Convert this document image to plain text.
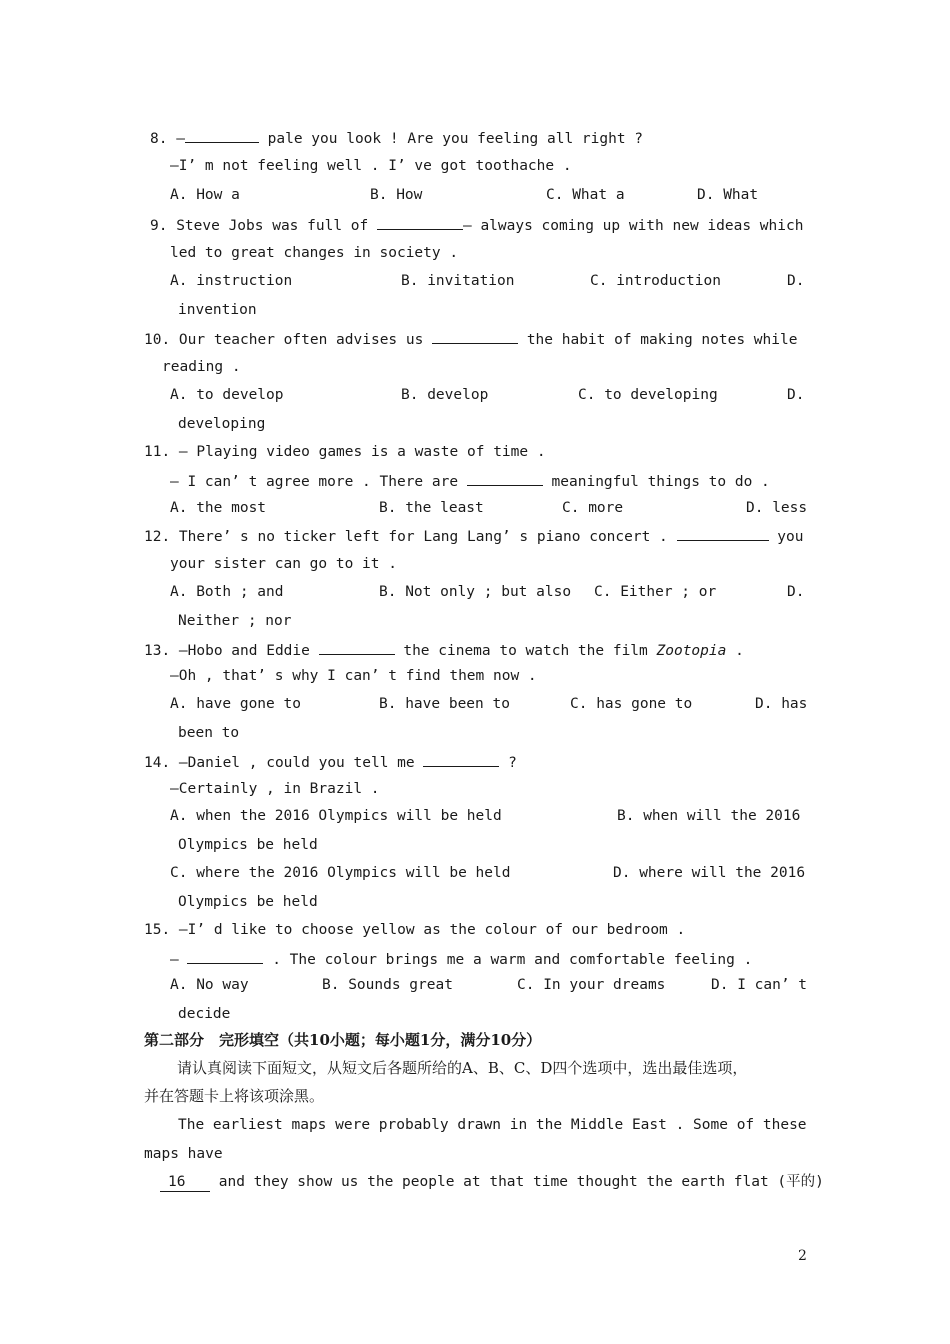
8. —	pale you look ! Are you feeling all right ?
—I’ m not feeling well . I’ ve got toothache .
A. How a	B. How	C. What a	D. What
9. Steve Jobs was full of	— always coming up with new ideas which
led to great changes in society .
A. instruction	B. invitation	C. introduction	D.
invention
10. Our teacher often advises us	the habit of making notes while
reading .
A. to develop	B. develop	C. to developing	D.
developing
11. — Playing video games is a waste of time .
— I can’ t agree more . There are	meaningful things to do .
A. the most	B. the least	C. more	D. less
12. There’ s no ticker left for Lang Lang’ s piano concert .	you
your sister can go to it .
A. Both ; and	B. Not only ; but also C. Either ; or	D.
Neither ; nor
13. —Hobo and Eddie	the cinema to watch the film Zootopia .
—Oh , that’ s why I can’ t find them now .
A. have gone to	B. have been to	C. has gone to	D. has
been to
14. —Daniel , could you tell me	?
—Certainly , in Brazil .
A. when the 2016 Olympics will be held	B. when will the 2016
Olympics be held
C. where the 2016 Olympics will be held	D. where will the 2016
Olympics be held
15. —I’ d like to choose yellow as the colour of our bedroom .
—	. The colour brings me a warm and comfortable feeling .
A. No way	B. Sounds great	C. In your dreams	D. I can’ t
decide
第二部分　完形填空（共10小题；每小题1分，满分10分）
请认真阅读下面短文，从短文后各题所给的A、B、C、D四个选项中，选出最佳选项，
并在答题卡上将该项涂黑。
The earliest maps were probably drawn in the Middle East . Some of these
maps have
16 and they show us the people at that time thought the earth flat (平的)
2
